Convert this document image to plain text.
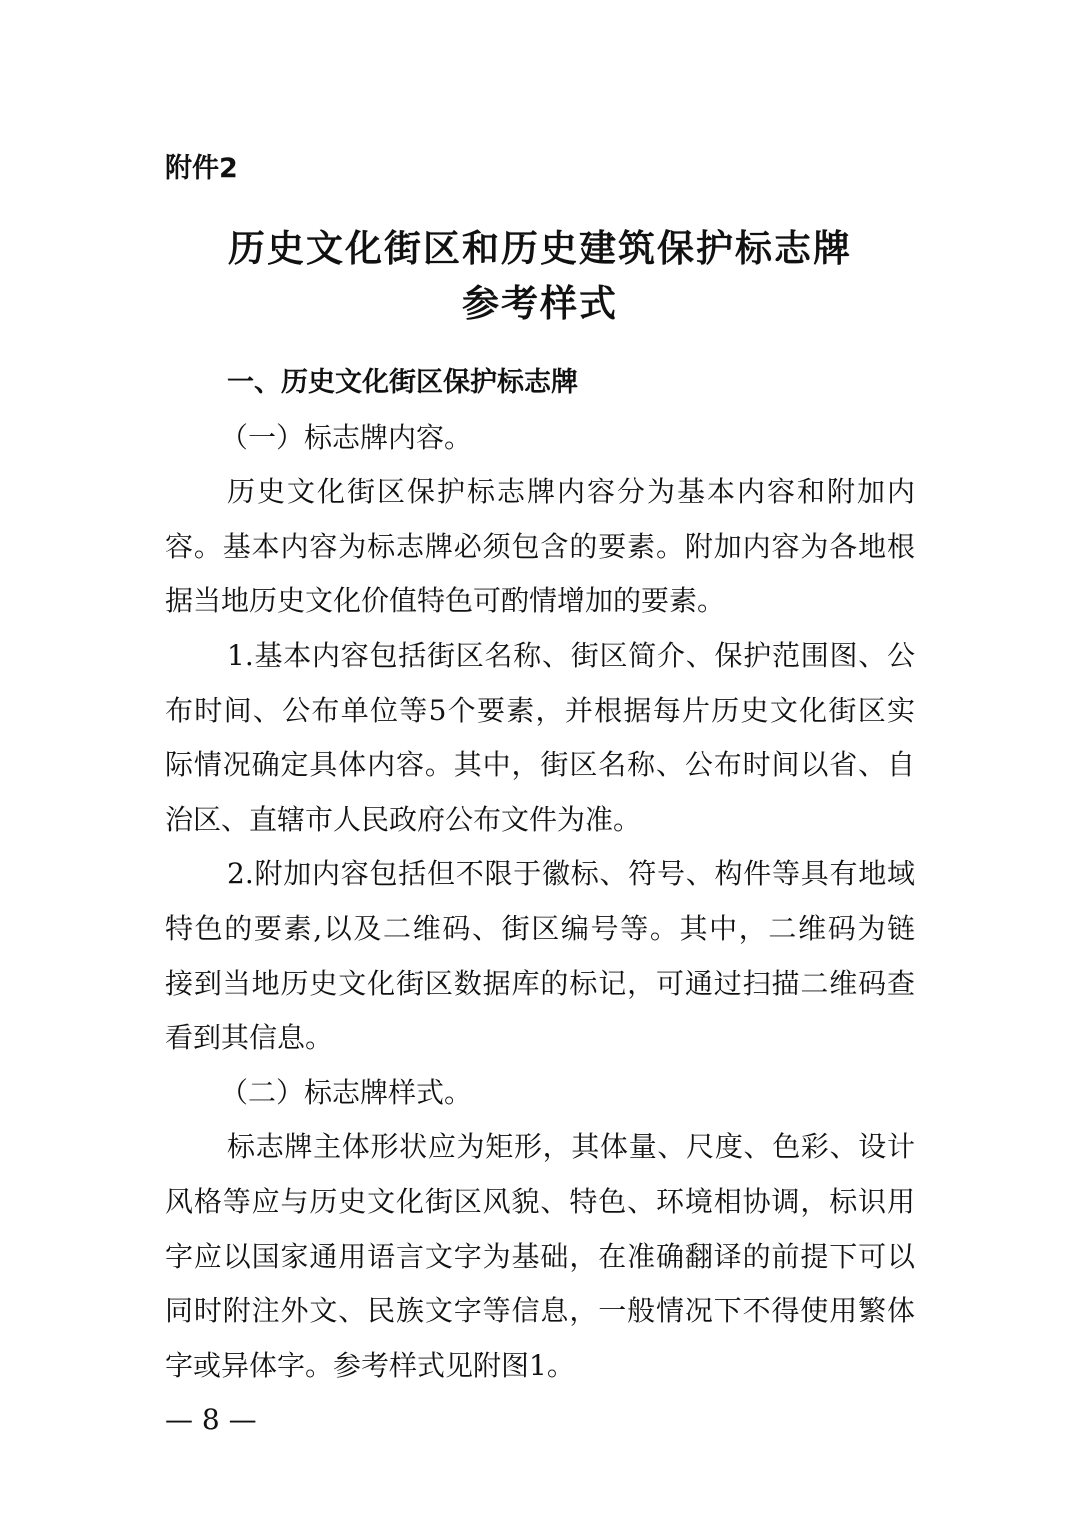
附件2
历史文化街区和历史建筑保护标志牌
参考样式
一、历史文化街区保护标志牌
（一）标志牌内容。
历史文化街区保护标志牌内容分为基本内容和附加内
容。基本内容为标志牌必须包含的要素。附加内容为各地根
据当地历史文化价值特色可酌情增加的要素。
1.基本内容包括街区名称、街区简介、保护范围图、公
布时间、公布单位等5个要素，并根据每片历史文化街区实
际情况确定具体内容。其中，街区名称、公布时间以省、自
治区、直辖市人民政府公布文件为准。
2.附加内容包括但不限于徽标、符号、构件等具有地域
特色的要素,以及二维码、街区编号等。其中，二维码为链
接到当地历史文化街区数据库的标记，可通过扫描二维码查
看到其信息。
（二）标志牌样式。
标志牌主体形状应为矩形，其体量、尺度、色彩、设计
风格等应与历史文化街区风貌、特色、环境相协调，标识用
字应以国家通用语言文字为基础，在准确翻译的前提下可以
同时附注外文、民族文字等信息，一般情况下不得使用繁体
字或异体字。参考样式见附图1。
— 8 —
